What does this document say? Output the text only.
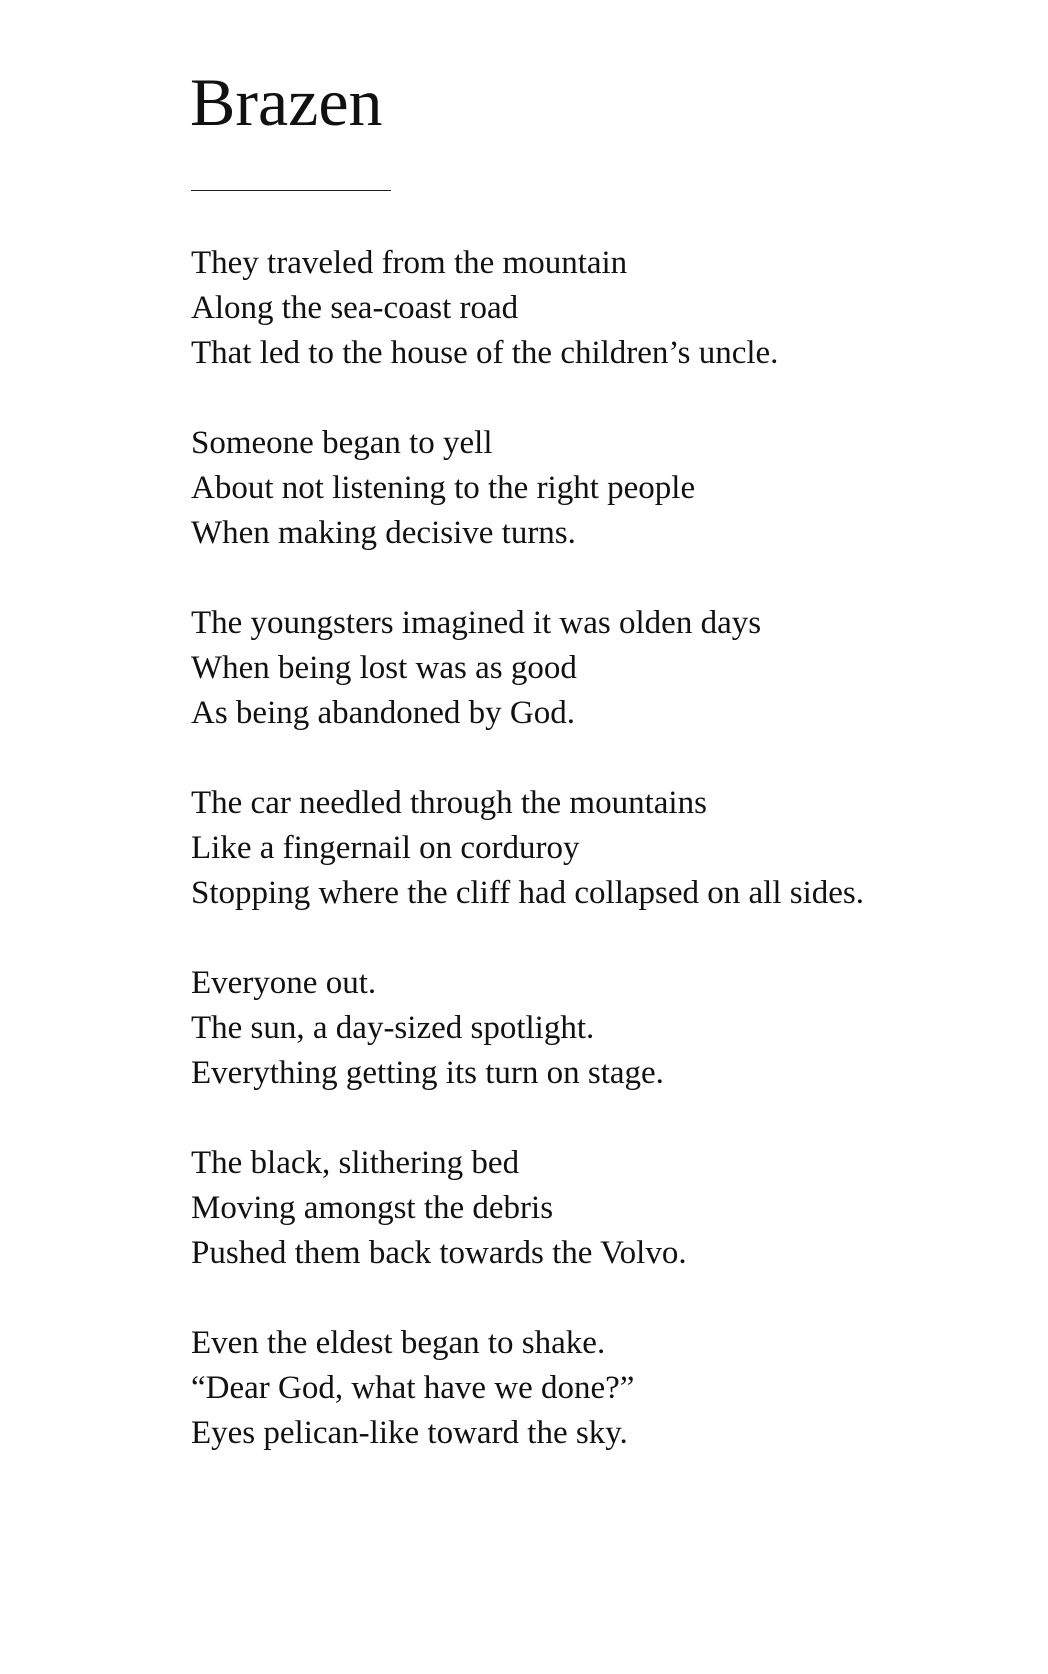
Brazen
They traveled from the mountain
Along the sea-coast road
That led to the house of the children’s uncle.
Someone began to yell
About not listening to the right people
When making decisive turns.
The youngsters imagined it was olden days
When being lost was as good
As being abandoned by God.
The car needled through the mountains
Like a fingernail on corduroy
Stopping where the cliff had collapsed on all sides.
Everyone out.
The sun, a day-sized spotlight.
Everything getting its turn on stage.
The black, slithering bed
Moving amongst the debris
Pushed them back towards the Volvo.
Even the eldest began to shake.
“Dear God, what have we done?”
Eyes pelican-like toward the sky.
